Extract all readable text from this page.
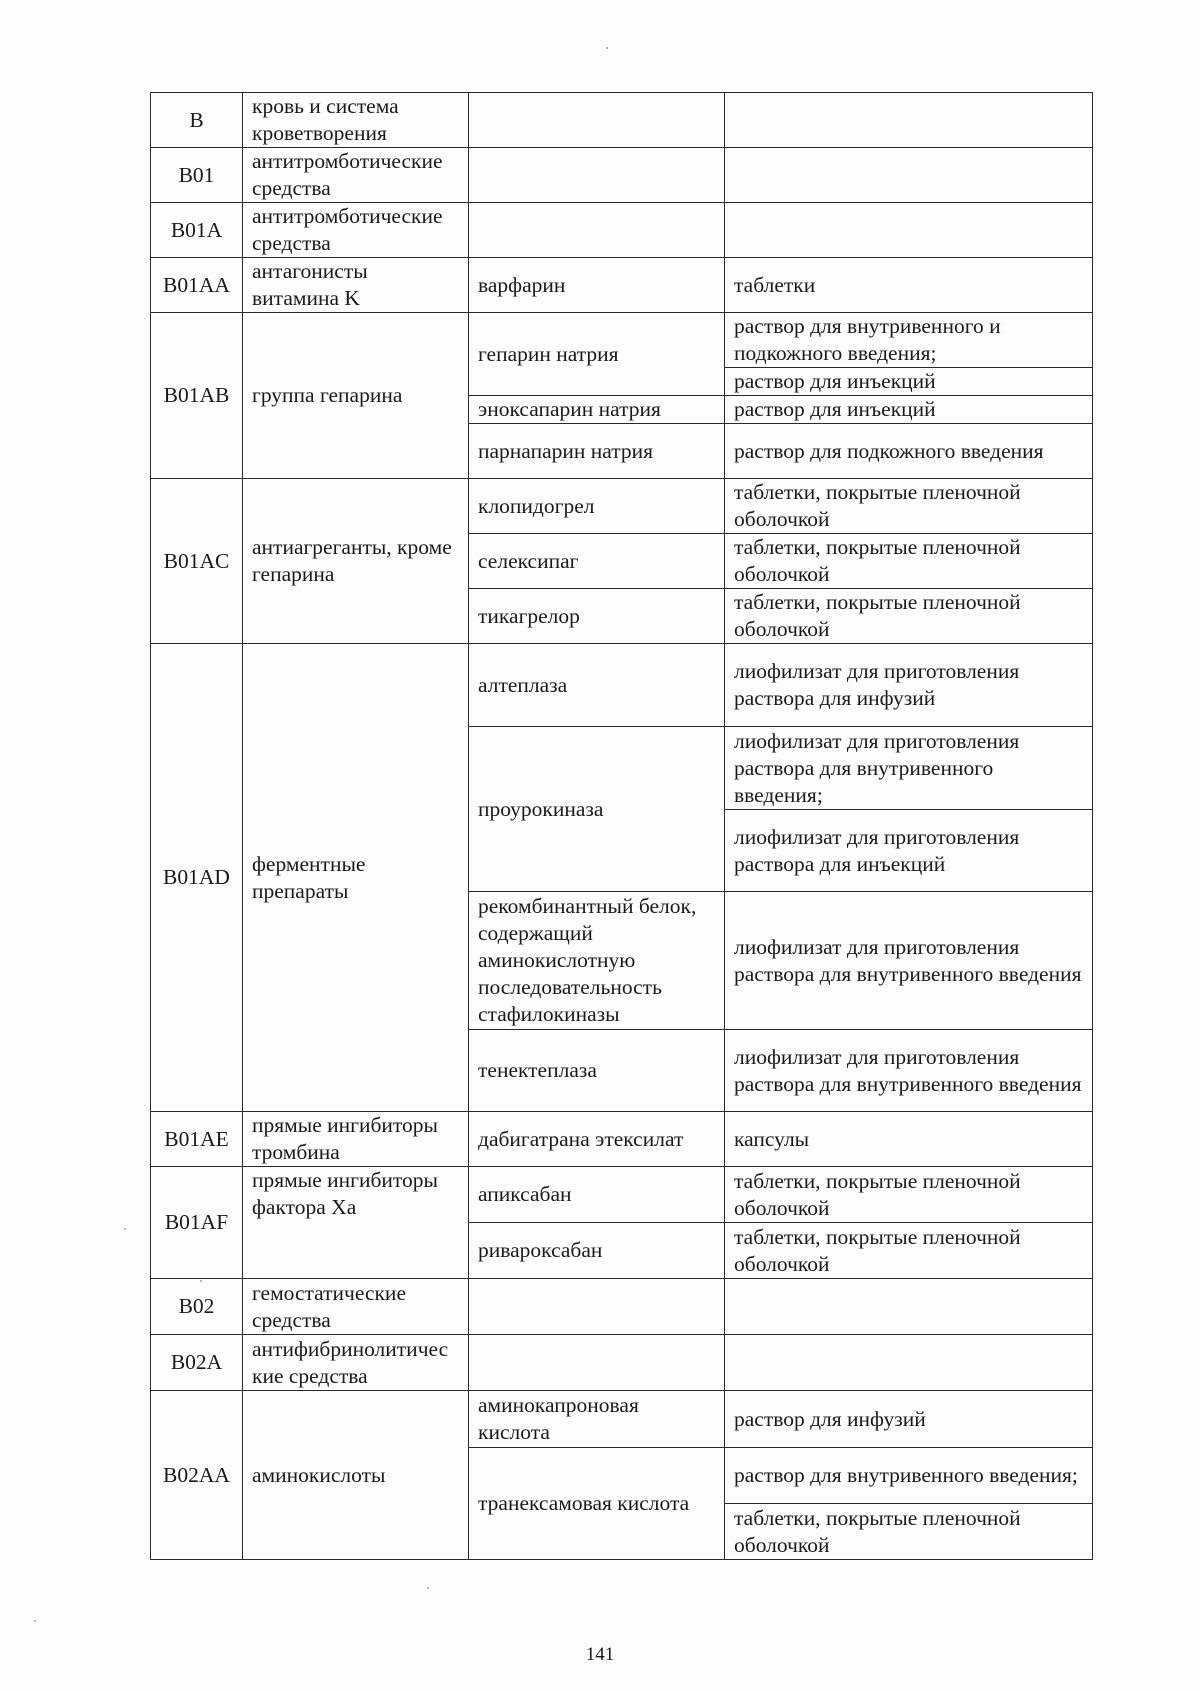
B	кровь и система кроветворения		
B01	антитромботические средства		
B01A	антитромботические средства		
B01AA	антагонисты витамина K	варфарин	таблетки
B01AB	группа гепарина	гепарин натрия	раствор для внутривенного и подкожного введения;
			раствор для инъекций
		эноксапарин натрия	раствор для инъекций
		парнапарин натрия	раствор для подкожного введения
B01AC	антиагреганты, кроме гепарина	клопидогрел	таблетки, покрытые пленочной оболочкой
		селексипаг	таблетки, покрытые пленочной оболочкой
		тикагрелор	таблетки, покрытые пленочной оболочкой
B01AD	ферментные препараты	алтеплаза	лиофилизат для приготовления раствора для инфузий
		проурокиназа	лиофилизат для приготовления раствора для внутривенного введения;
			лиофилизат для приготовления раствора для инъекций
		рекомбинантный белок, содержащий аминокислотную последовательность стафилокиназы	лиофилизат для приготовления раствора для внутривенного введения
		тенектеплаза	лиофилизат для приготовления раствора для внутривенного введения
B01AE	прямые ингибиторы тромбина	дабигатрана этексилат	капсулы
B01AF	прямые ингибиторы фактора Xa	апиксабан	таблетки, покрытые пленочной оболочкой
		ривароксабан	таблетки, покрытые пленочной оболочкой
B02	гемостатические средства		
B02A	антифибринолитичес кие средства		
B02AA	аминокислоты	аминокапроновая кислота	раствор для инфузий
		транексамовая кислота	раствор для внутривенного введения;
			таблетки, покрытые пленочной оболочкой
141
